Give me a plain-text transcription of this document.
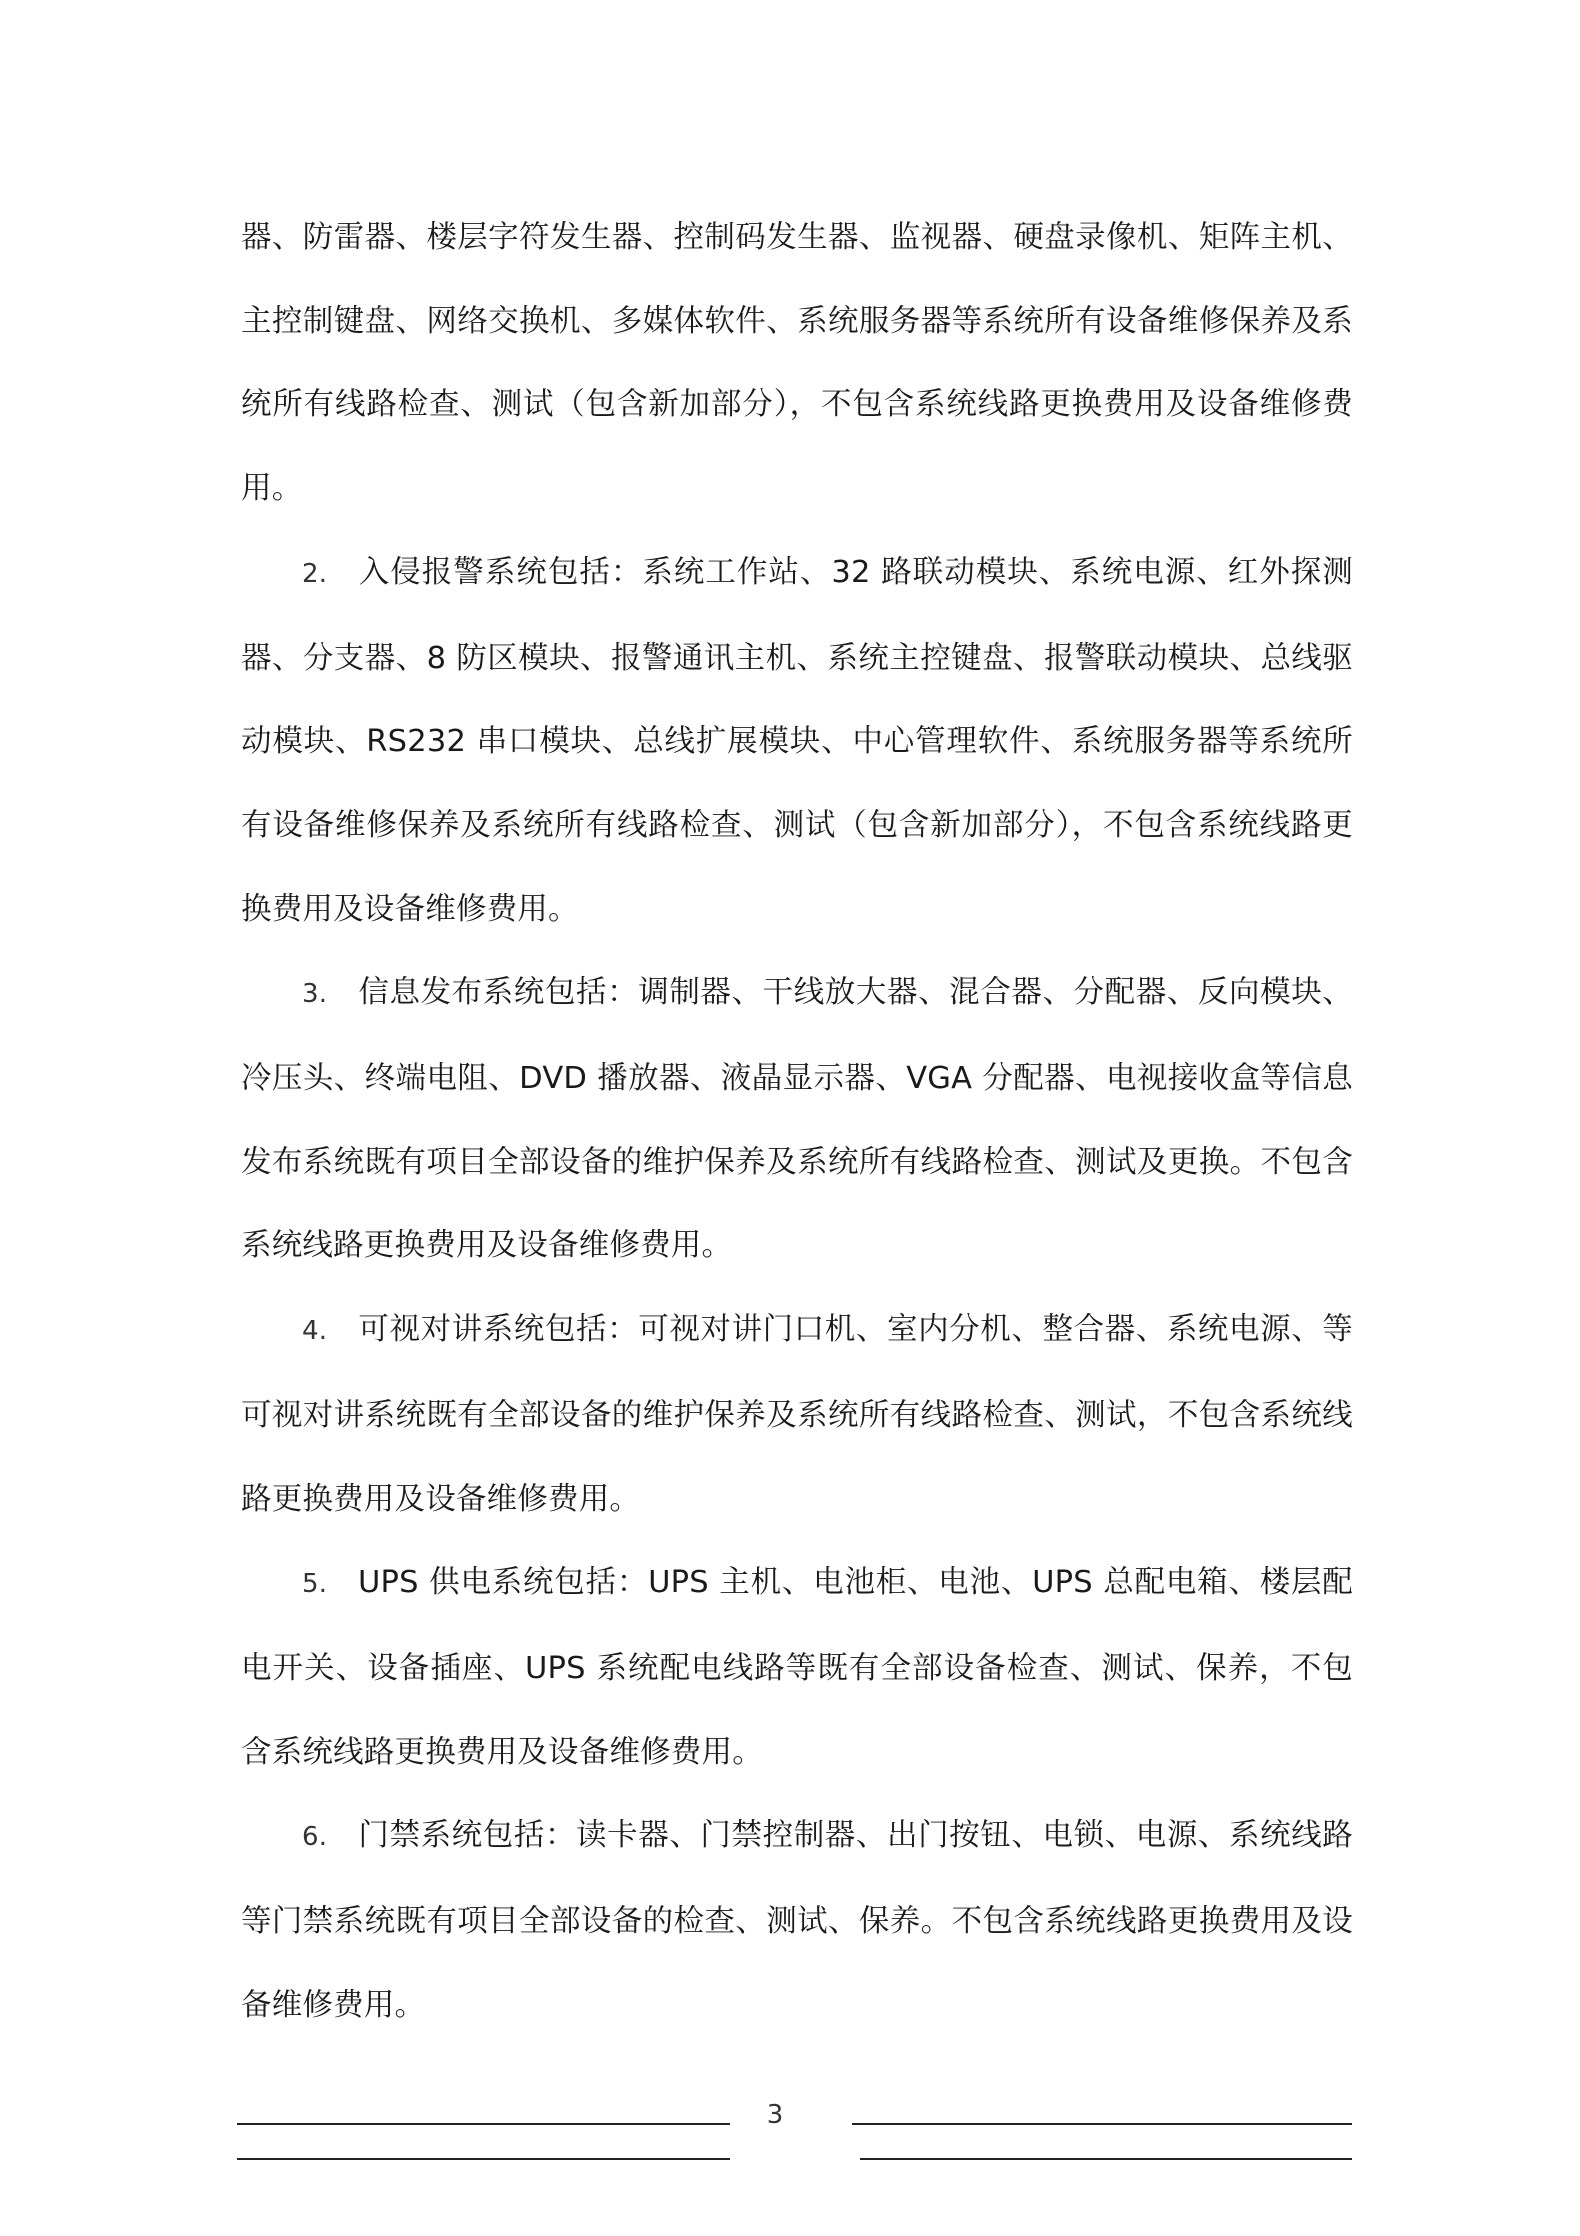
器、防雷器、楼层字符发生器、控制码发生器、监视器、硬盘录像机、矩阵主机、主控制键盘、网络交换机、多媒体软件、系统服务器等系统所有设备维修保养及系统所有线路检查、测试（包含新加部分），不包含系统线路更换费用及设备维修费用。

2. 入侵报警系统包括：系统工作站、32 路联动模块、系统电源、红外探测器、分支器、8 防区模块、报警通讯主机、系统主控键盘、报警联动模块、总线驱动模块、RS232 串口模块、总线扩展模块、中心管理软件、系统服务器等系统所有设备维修保养及系统所有线路检查、测试（包含新加部分），不包含系统线路更换费用及设备维修费用。

3. 信息发布系统包括：调制器、干线放大器、混合器、分配器、反向模块、冷压头、终端电阻、DVD 播放器、液晶显示器、VGA 分配器、电视接收盒等信息发布系统既有项目全部设备的维护保养及系统所有线路检查、测试及更换。不包含系统线路更换费用及设备维修费用。

4. 可视对讲系统包括：可视对讲门口机、室内分机、整合器、系统电源、等可视对讲系统既有全部设备的维护保养及系统所有线路检查、测试，不包含系统线路更换费用及设备维修费用。

5. UPS 供电系统包括：UPS 主机、电池柜、电池、UPS 总配电箱、楼层配电开关、设备插座、UPS 系统配电线路等既有全部设备检查、测试、保养，不包含系统线路更换费用及设备维修费用。

6. 门禁系统包括：读卡器、门禁控制器、出门按钮、电锁、电源、系统线路等门禁系统既有项目全部设备的检查、测试、保养。不包含系统线路更换费用及设备维修费用。

3
